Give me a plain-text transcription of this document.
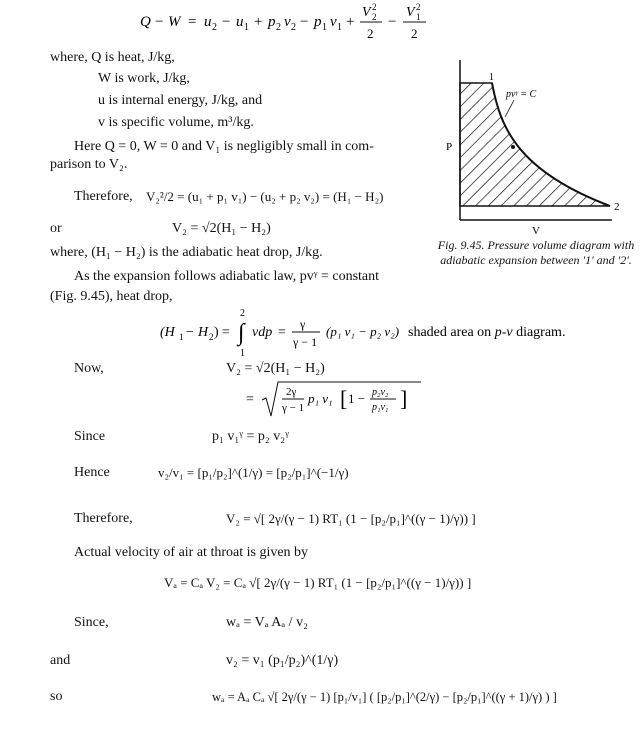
Q − W = u 2 − u 1 + p 2 v 2 − p 1 v 1 +
V 2
2
2
−
V 2
1
2
where, Q is heat, J/kg,
W is work, J/kg,
u is internal energy, J/kg, and
v is specific volume, m³/kg.
Here Q = 0, W = 0 and V₁ is negligibly small in com-
parison to V₂.
Therefore, V₂²/2 = (u₁ + p₁ v₁) − (u₂ + p₂ v₂) = (H₁ − H₂)
or	V₂ = √2(H₁ − H₂)
where, (H₁ − H₂) is the adiabatic heat drop, J/kg.
As the expansion follows adiabatic law, pvᵞ = constant
(Fig. 9.45), heat drop,
1
2
P
V
pvᵞ = C
Fig. 9.45. Pressure volume diagram with adiabatic expansion between '1' and '2'.
(H 1 − H 2 ) = ∫
2
1
vdp =
γ
γ − 1
(p₁ v₁ − p₂ v₂) shaded area on p-v diagram.
Now,	V₂ = √2(H₁ − H₂)
=	2γ
γ − 1
p₁ v₁ [ 1 − p₂v₂
p₁v₁ ]
Since	p₁ v₁ᵞ = p₂ v₂ᵞ
Hence	v₂/v₁ = [p₁/p₂]^(1/γ) = [p₂/p₁]^(−1/γ)
Therefore,	V₂ = √[ 2γ/(γ − 1) RT₁ (1 − [p₂/p₁]^((γ − 1)/γ)) ]
Actual velocity of air at throat is given by
Vₐ = Cₐ V₂ = Cₐ √[ 2γ/(γ − 1) RT₁ (1 − [p₂/p₁]^((γ − 1)/γ)) ]
Since,	wₐ = Vₐ Aₐ / v₂
and	v₂ = v₁ (p₁/p₂)^(1/γ)
so	wₐ = Aₐ Cₐ √[ 2γ/(γ − 1) [p₁/v₁] ( [p₂/p₁]^(2/γ) − [p₂/p₁]^((γ + 1)/γ) ) ]
